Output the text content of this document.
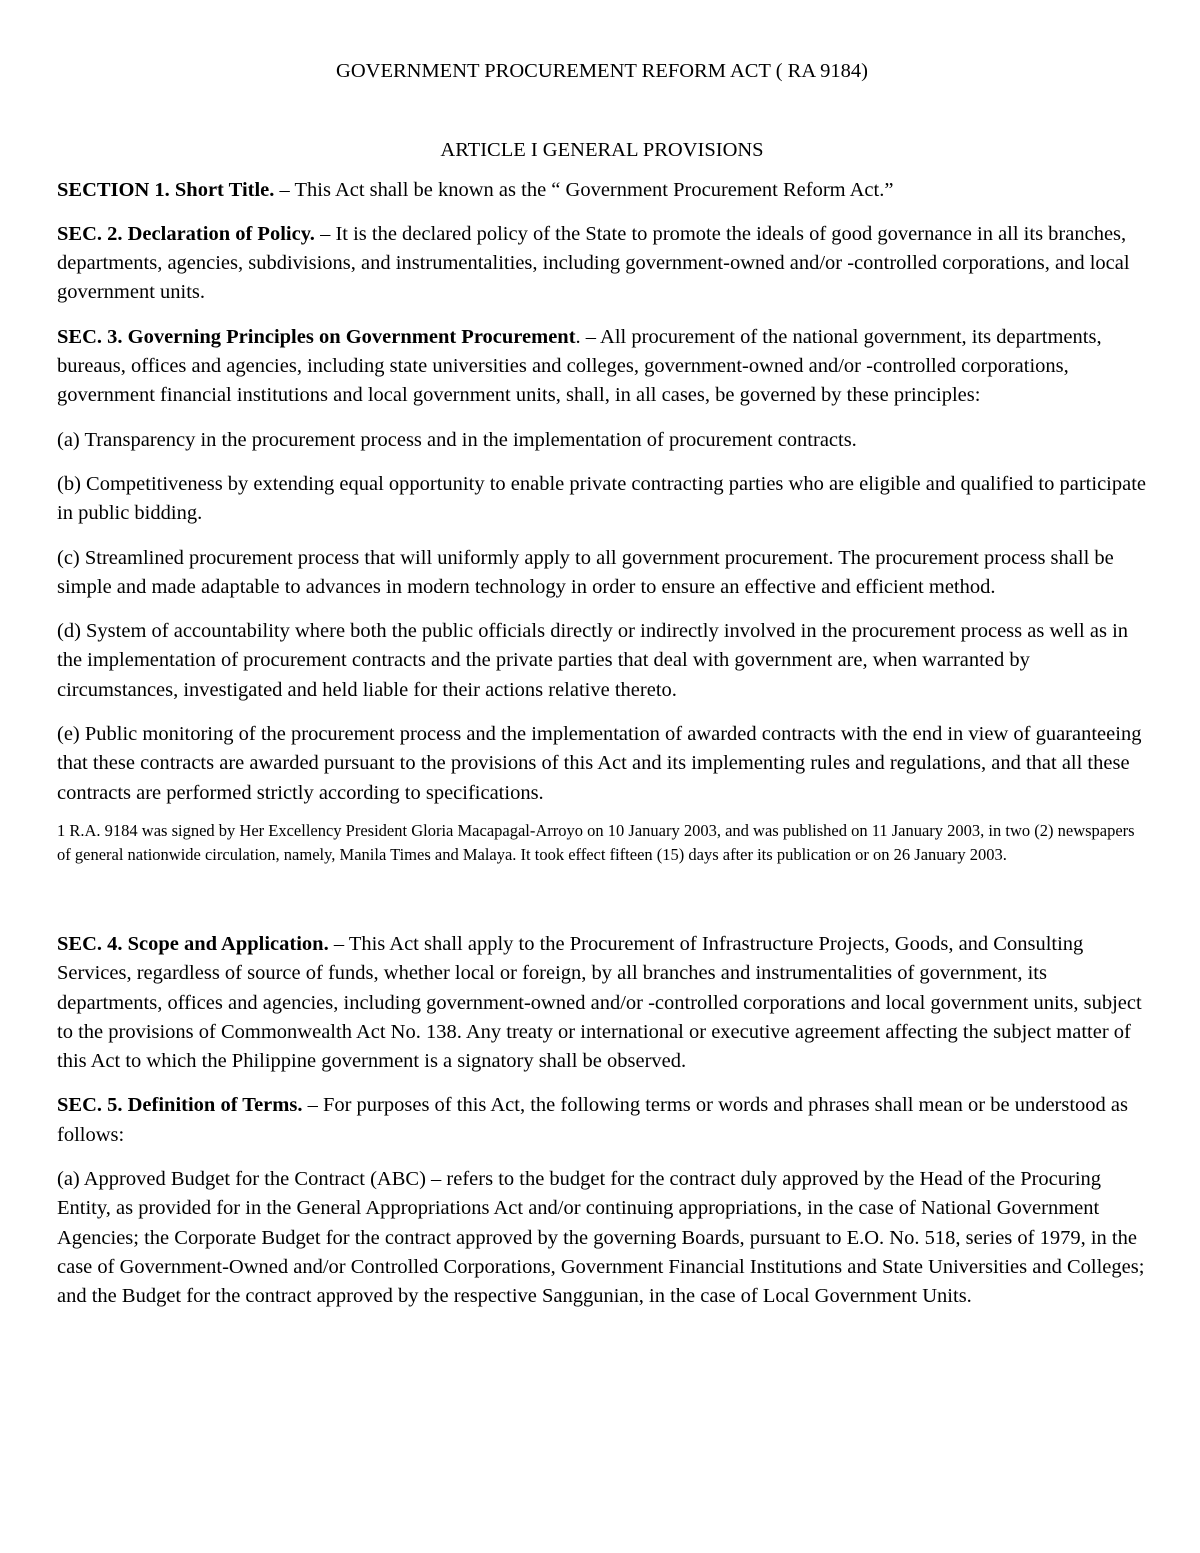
GOVERNMENT PROCUREMENT REFORM ACT ( RA 9184)

ARTICLE I GENERAL PROVISIONS

SECTION 1. Short Title. – This Act shall be known as the “ Government Procurement Reform Act.”

SEC. 2. Declaration of Policy. – It is the declared policy of the State to promote the ideals of good governance in all its branches, departments, agencies, subdivisions, and instrumentalities, including government-owned and/or -controlled corporations, and local government units.

SEC. 3. Governing Principles on Government Procurement. – All procurement of the national government, its departments, bureaus, offices and agencies, including state universities and colleges, government-owned and/or -controlled corporations, government financial institutions and local government units, shall, in all cases, be governed by these principles:

(a) Transparency in the procurement process and in the implementation of procurement contracts.

(b) Competitiveness by extending equal opportunity to enable private contracting parties who are eligible and qualified to participate in public bidding.

(c) Streamlined procurement process that will uniformly apply to all government procurement. The procurement process shall be simple and made adaptable to advances in modern technology in order to ensure an effective and efficient method.

(d) System of accountability where both the public officials directly or indirectly involved in the procurement process as well as in the implementation of procurement contracts and the private parties that deal with government are, when warranted by circumstances, investigated and held liable for their actions relative thereto.

(e) Public monitoring of the procurement process and the implementation of awarded contracts with the end in view of guaranteeing that these contracts are awarded pursuant to the provisions of this Act and its implementing rules and regulations, and that all these contracts are performed strictly according to specifications.

1 R.A. 9184 was signed by Her Excellency President Gloria Macapagal-Arroyo on 10 January 2003, and was published on 11 January 2003, in two (2) newspapers of general nationwide circulation, namely, Manila Times and Malaya. It took effect fifteen (15) days after its publication or on 26 January 2003.

SEC. 4. Scope and Application. – This Act shall apply to the Procurement of Infrastructure Projects, Goods, and Consulting Services, regardless of source of funds, whether local or foreign, by all branches and instrumentalities of government, its departments, offices and agencies, including government-owned and/or -controlled corporations and local government units, subject to the provisions of Commonwealth Act No. 138. Any treaty or international or executive agreement affecting the subject matter of this Act to which the Philippine government is a signatory shall be observed.

SEC. 5. Definition of Terms. – For purposes of this Act, the following terms or words and phrases shall mean or be understood as follows:

(a) Approved Budget for the Contract (ABC) – refers to the budget for the contract duly approved by the Head of the Procuring Entity, as provided for in the General Appropriations Act and/or continuing appropriations, in the case of National Government Agencies; the Corporate Budget for the contract approved by the governing Boards, pursuant to E.O. No. 518, series of 1979, in the case of Government-Owned and/or Controlled Corporations, Government Financial Institutions and State Universities and Colleges; and the Budget for the contract approved by the respective Sanggunian, in the case of Local Government Units.
